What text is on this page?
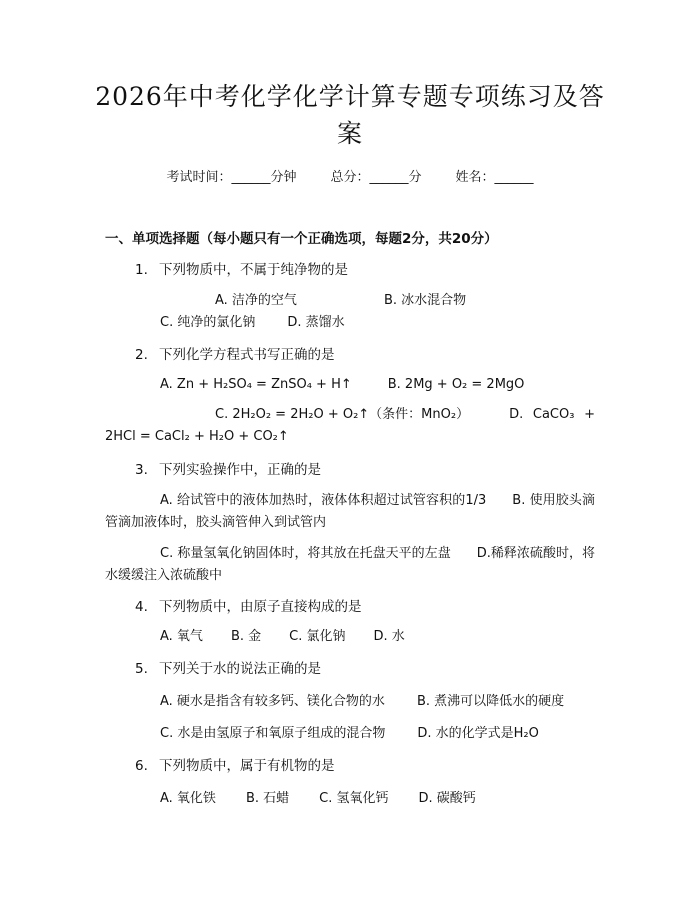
2026年中考化学化学计算专题专项练习及答案
考试时间：______分钟	总分：______分	姓名：______
一、单项选择题（每小题只有一个正确选项，每题2分，共20分）
1. 下列物质中，不属于纯净物的是
A. 洁净的空气	B. 冰水混合物C. 纯净的氯化钠 D. 蒸馏水
2. 下列化学方程式书写正确的是
A. Zn + H₂SO₄ = ZnSO₄ + H↑	B. 2Mg + O₂ = 2MgO
C. 2H₂O₂ = 2H₂O + O₂↑（条件：MnO₂）	D. CaCO₃ + 2HCl = CaCl₂ + H₂O + CO₂↑
3. 下列实验操作中，正确的是
A. 给试管中的液体加热时，液体体积超过试管容积的1/3 B. 使用胶头滴管滴加液体时，胶头滴管伸入到试管内
C. 称量氢氧化钠固体时，将其放在托盘天平的左盘 D.稀释浓硫酸时，将水缓缓注入浓硫酸中
4. 下列物质中，由原子直接构成的是
A. 氧气 B. 金 C. 氯化钠 D. 水
5. 下列关于水的说法正确的是
A. 硬水是指含有较多钙、镁化合物的水 B. 煮沸可以降低水的硬度
C. 水是由氢原子和氧原子组成的混合物 D. 水的化学式是H₂O
6. 下列物质中，属于有机物的是
A. 氧化铁 B. 石蜡 C. 氢氧化钙 D. 碳酸钙
